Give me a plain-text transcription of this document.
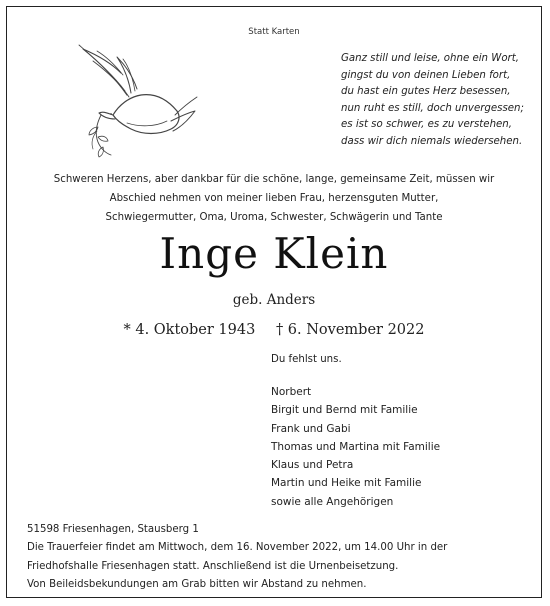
Statt Karten
Ganz still und leise, ohne ein Wort,
gingst du von deinen Lieben fort,
du hast ein gutes Herz besessen,
nun ruht es still, doch unvergessen;
es ist so schwer, es zu verstehen,
dass wir dich niemals wiedersehen.
Schweren Herzens, aber dankbar für die schöne, lange, gemeinsame Zeit, müssen wir
Abschied nehmen von meiner lieben Frau, herzensguten Mutter,
Schwiegermutter, Oma, Uroma, Schwester, Schwägerin und Tante
Inge Klein
geb. Anders
* 4. Oktober 1943 † 6. November 2022
Du fehlst uns.
Norbert
Birgit und Bernd mit Familie
Frank und Gabi
Thomas und Martina mit Familie
Klaus und Petra
Martin und Heike mit Familie
sowie alle Angehörigen
51598 Friesenhagen, Stausberg 1
Die Trauerfeier findet am Mittwoch, dem 16. November 2022, um 14.00 Uhr in der
Friedhofshalle Friesenhagen statt. Anschließend ist die Urnenbeisetzung.
Von Beileidsbekundungen am Grab bitten wir Abstand zu nehmen.
